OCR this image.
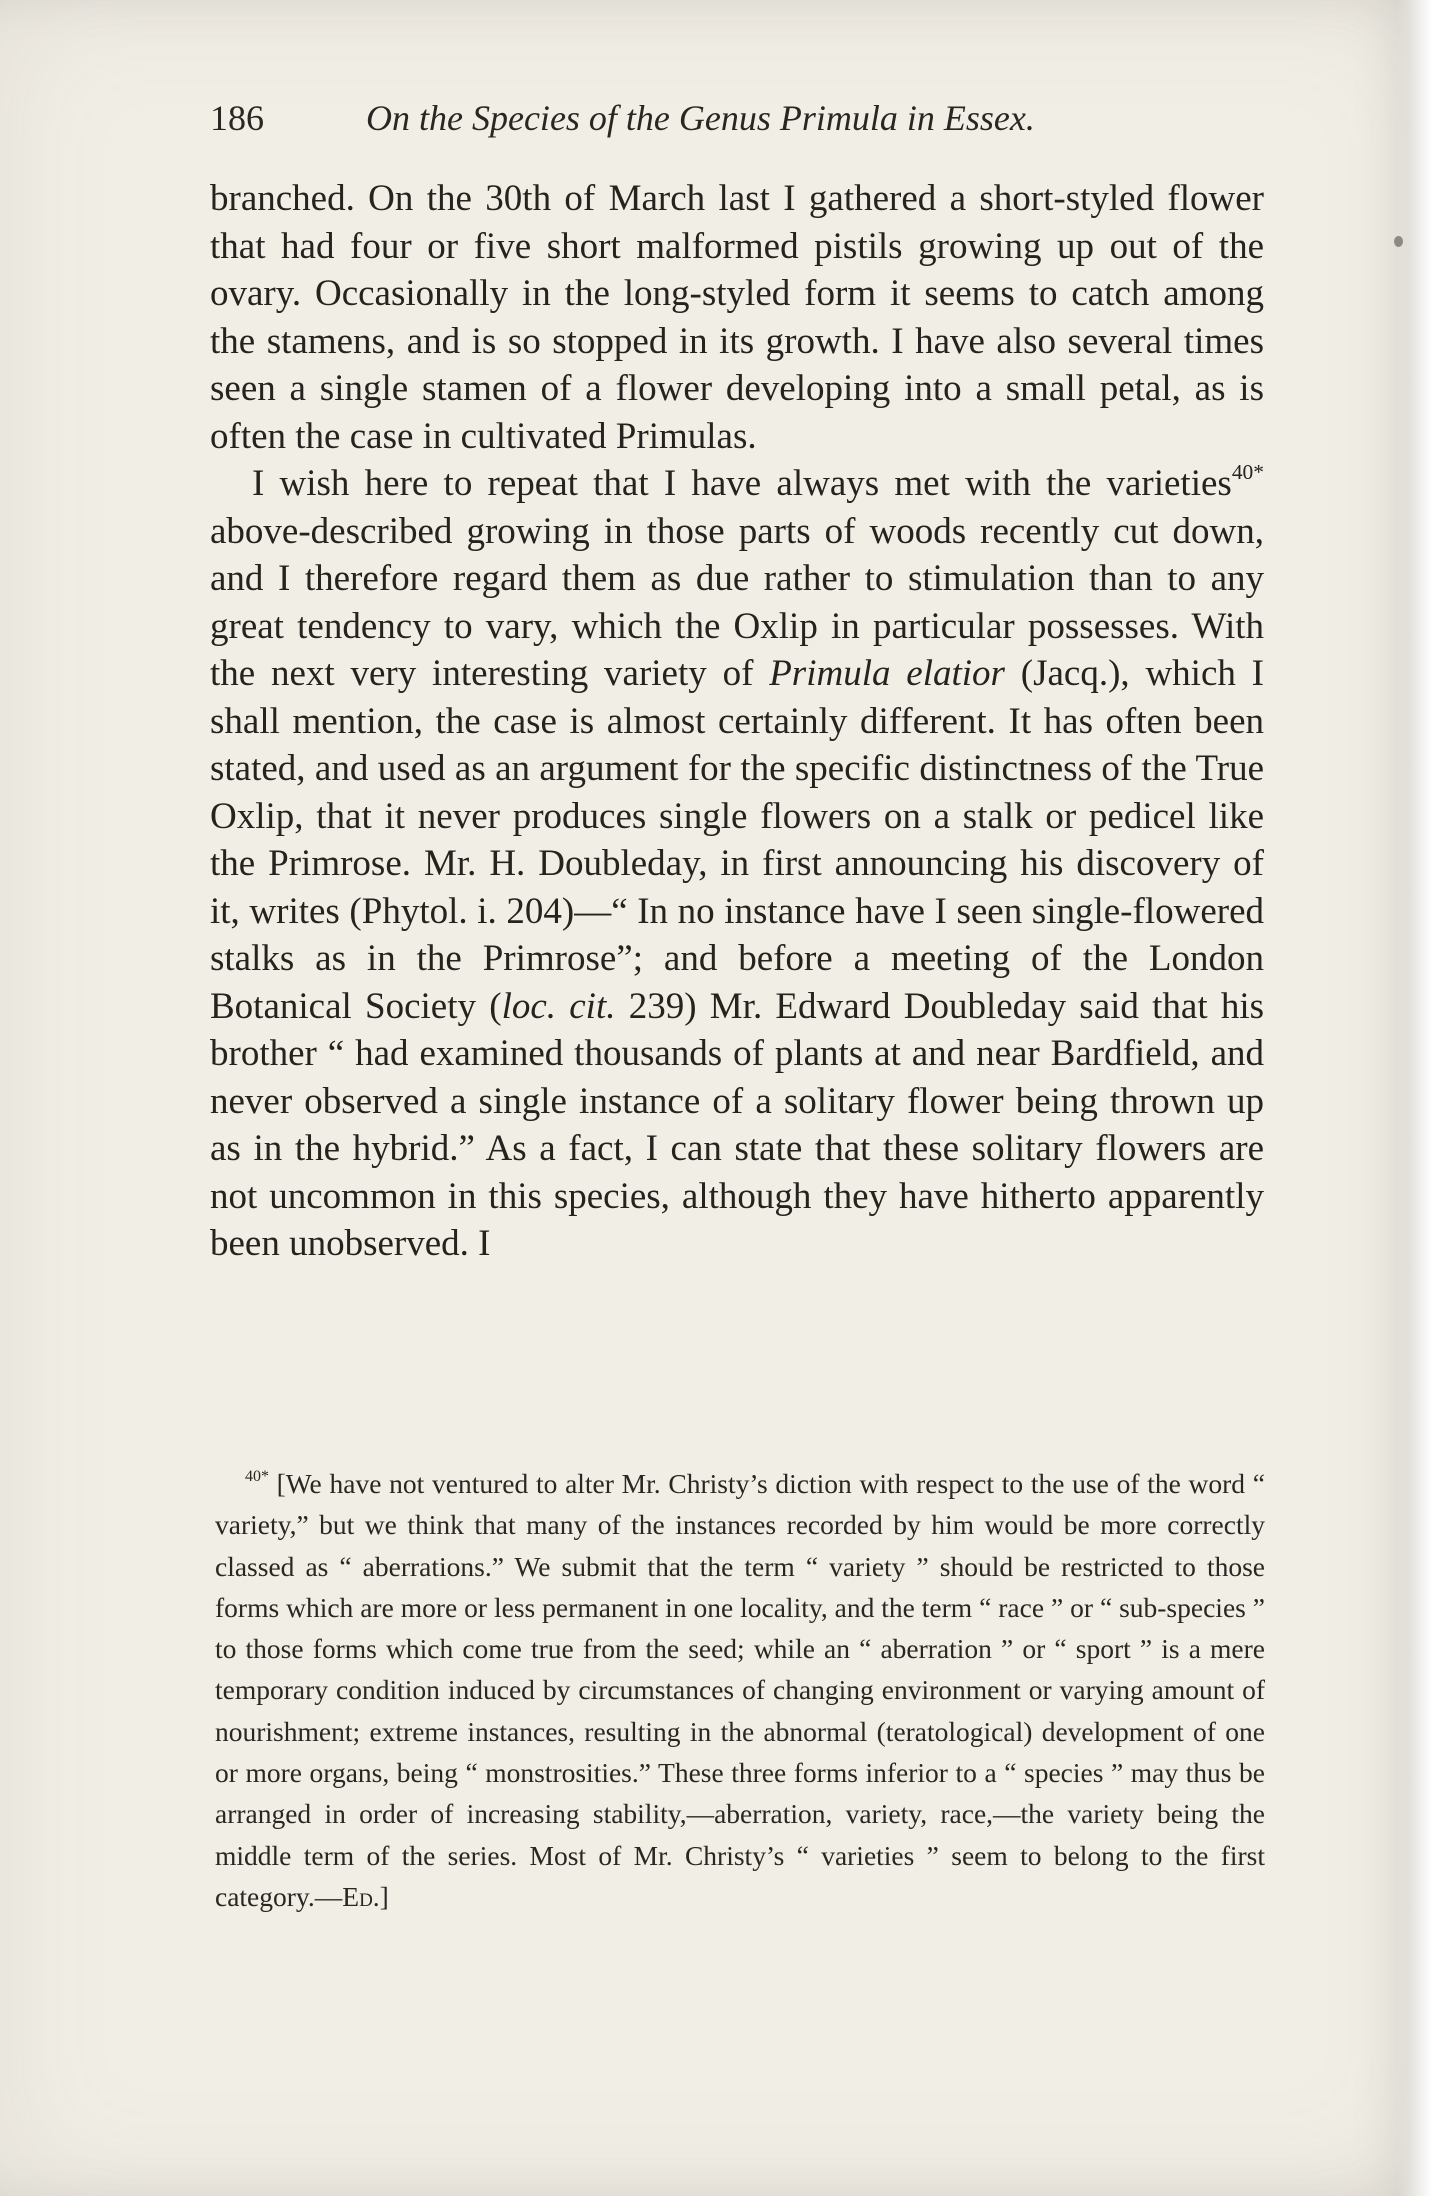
186	On the Species of the Genus Primula in Essex.

branched. On the 30th of March last I gathered a short-styled flower that had four or five short malformed pistils growing up out of the ovary. Occasionally in the long-styled form it seems to catch among the stamens, and is so stopped in its growth. I have also several times seen a single stamen of a flower developing into a small petal, as is often the case in cultivated Primulas.

I wish here to repeat that I have always met with the varieties$^{40*}$ above-described growing in those parts of woods recently cut down, and I therefore regard them as due rather to stimulation than to any great tendency to vary, which the Oxlip in particular possesses. With the next very interesting variety of Primula elatior (Jacq.), which I shall mention, the case is almost certainly different. It has often been stated, and used as an argument for the specific distinctness of the True Oxlip, that it never produces single flowers on a stalk or pedicel like the Primrose. Mr. H. Doubleday, in first announcing his discovery of it, writes (Phytol. i. 204)—“ In no instance have I seen single-flowered stalks as in the Primrose”; and before a meeting of the London Botanical Society (loc. cit. 239) Mr. Edward Doubleday said that his brother “ had examined thousands of plants at and near Bardfield, and never observed a single instance of a solitary flower being thrown up as in the hybrid.” As a fact, I can state that these solitary flowers are not uncommon in this species, although they have hitherto apparently been unobserved. I

$^{40*}$ [We have not ventured to alter Mr. Christy’s diction with respect to the use of the word “ variety,” but we think that many of the instances recorded by him would be more correctly classed as “ aberrations.” We submit that the term “ variety ” should be restricted to those forms which are more or less permanent in one locality, and the term “ race ” or “ sub-species ” to those forms which come true from the seed; while an “ aberration ” or “ sport ” is a mere temporary condition induced by circumstances of changing environment or varying amount of nourishment; extreme instances, resulting in the abnormal (teratological) development of one or more organs, being “ monstrosities.” These three forms inferior to a “ species ” may thus be arranged in order of increasing stability,—aberration, variety, race,—the variety being the middle term of the series. Most of Mr. Christy’s “ varieties ” seem to belong to the first category.—Ed.]
